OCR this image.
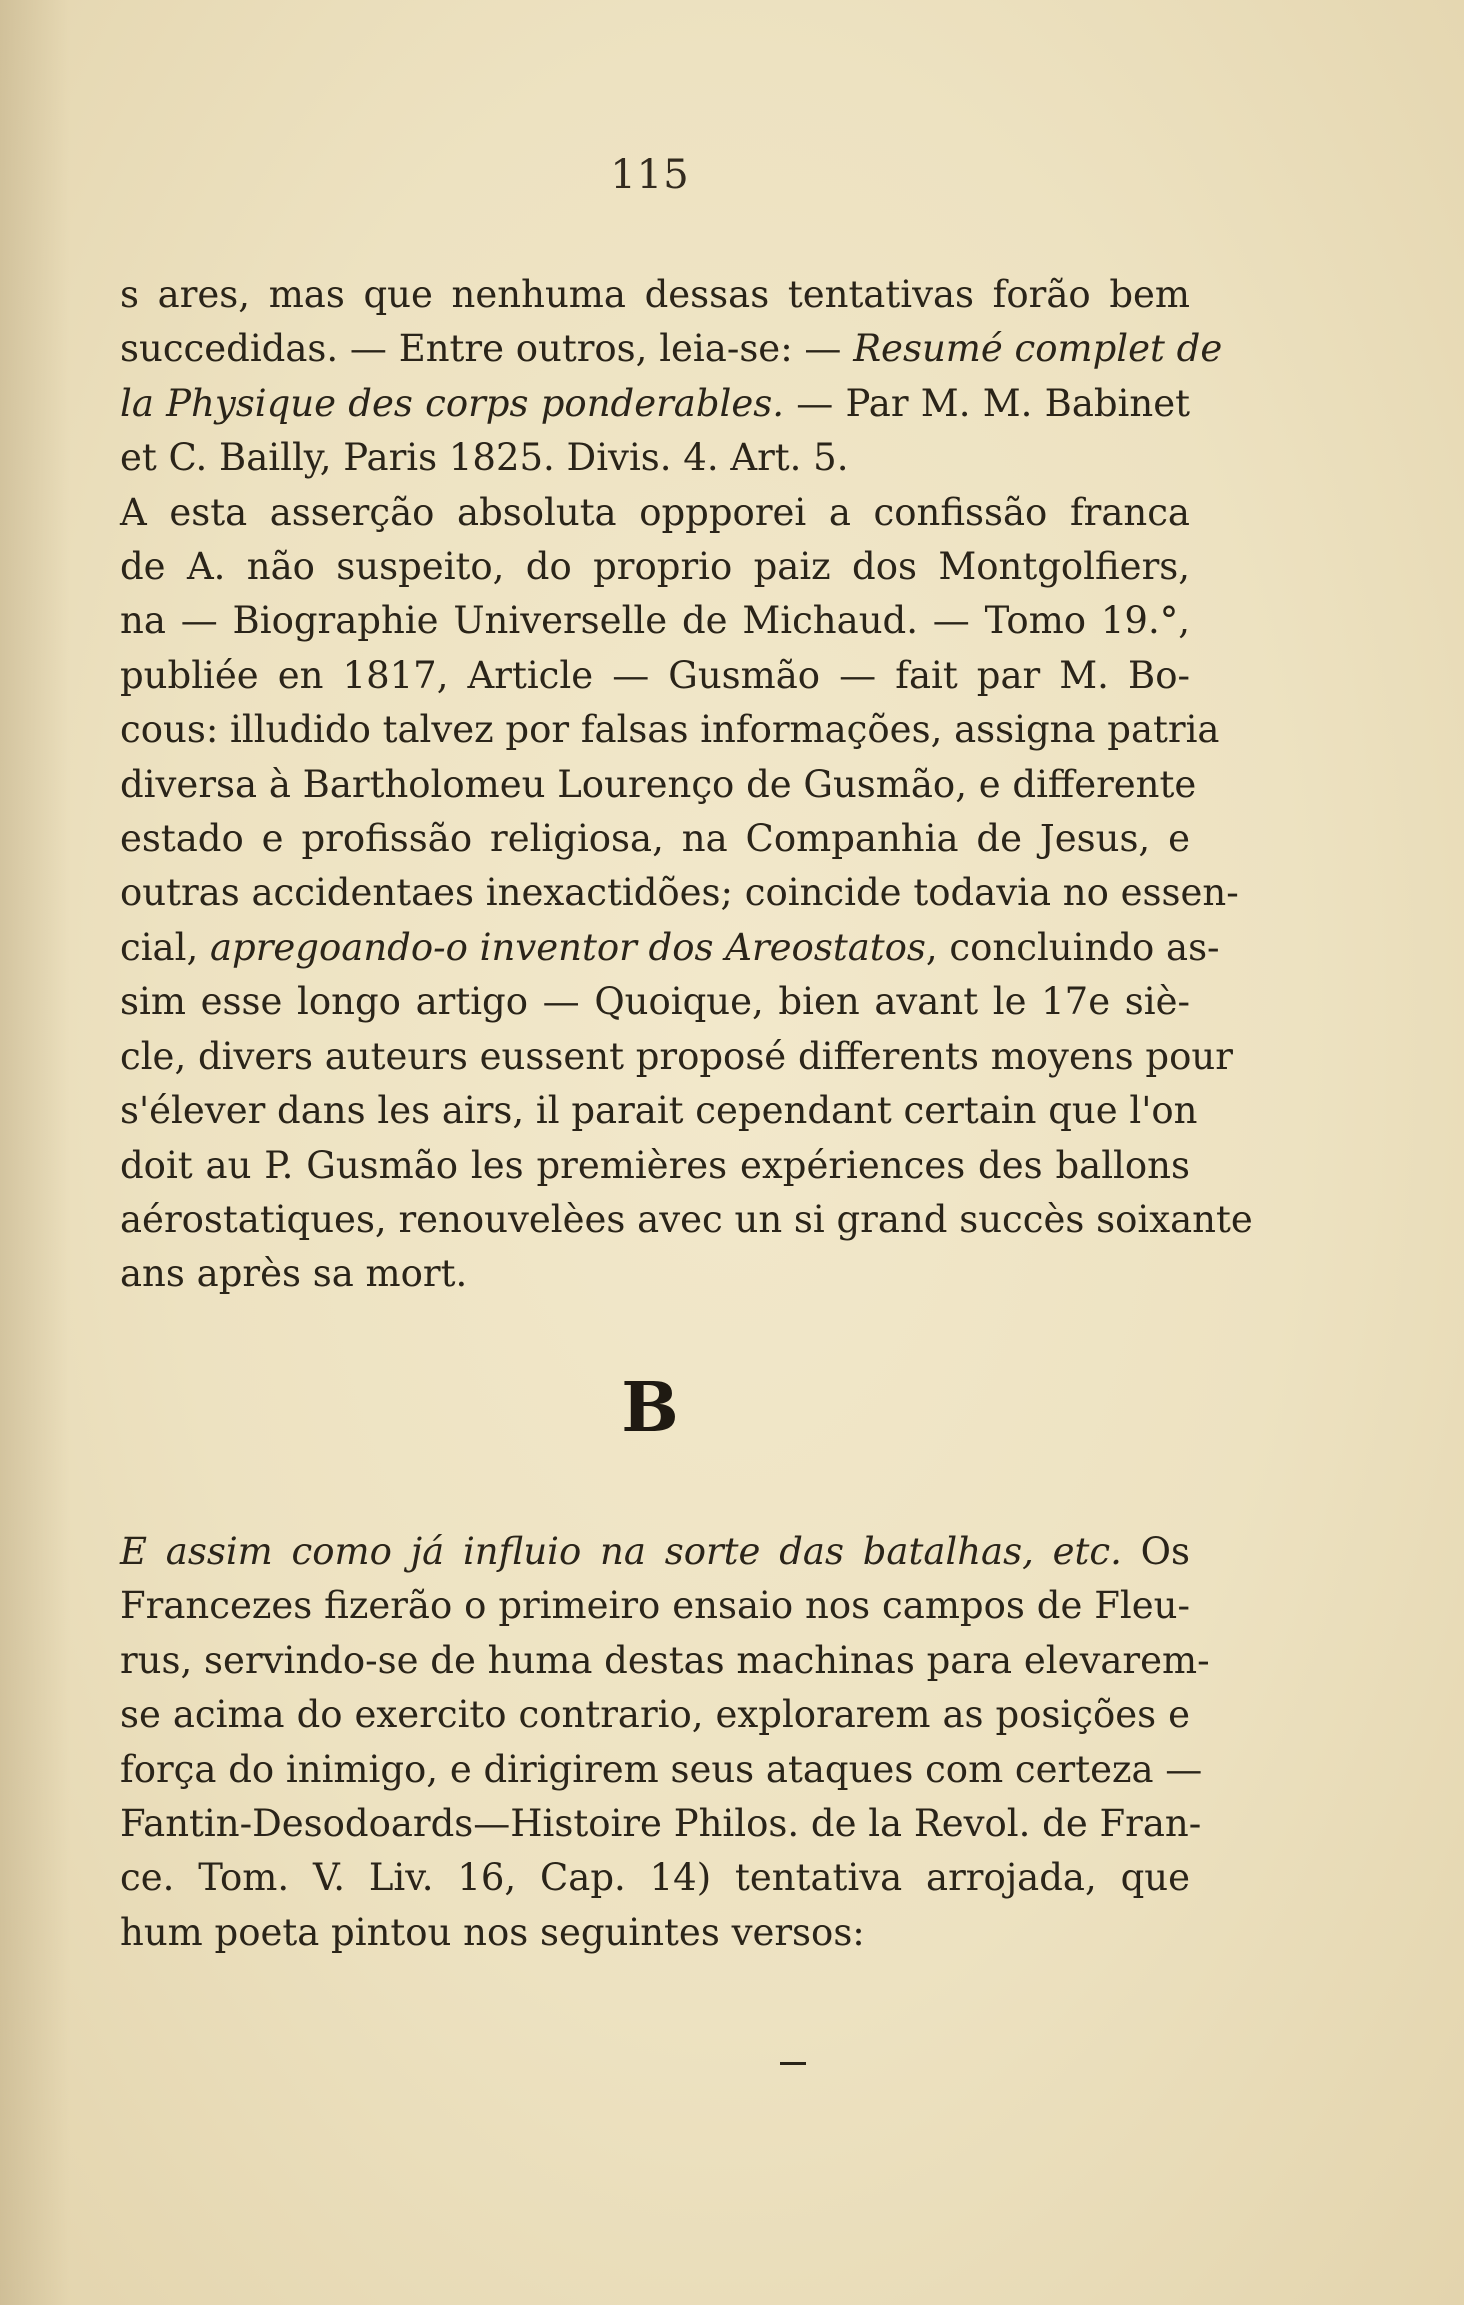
115
s ares, mas que nenhuma dessas tentativas forão bem
succedidas. — Entre outros, leia-se: — Resumé complet de
la Physique des corps ponderables. — Par M. M. Babinet
et C. Bailly, Paris 1825. Divis. 4. Art. 5.
A esta asserção absoluta oppporei a confissão franca
de A. não suspeito, do proprio paiz dos Montgolfiers,
na — Biographie Universelle de Michaud. — Tomo 19.°,
publiée en 1817, Article — Gusmão — fait par M. Bo-
cous: illudido talvez por falsas informações, assigna patria
diversa à Bartholomeu Lourenço de Gusmão, e differente
estado e profissão religiosa, na Companhia de Jesus, e
outras accidentaes inexactidões; coincide todavia no essen-
cial, apregoando-o inventor dos Areostatos, concluindo as-
sim esse longo artigo — Quoique, bien avant le 17e siè-
cle, divers auteurs eussent proposé differents moyens pour
s'élever dans les airs, il parait cependant certain que l'on
doit au P. Gusmão les premières expériences des ballons
aérostatiques, renouvelèes avec un si grand succès soixante
ans après sa mort.
B
E assim como já influio na sorte das batalhas, etc. Os
Francezes fizerão o primeiro ensaio nos campos de Fleu-
rus, servindo-se de huma destas machinas para elevarem-
se acima do exercito contrario, explorarem as posições e
força do inimigo, e dirigirem seus ataques com certeza —
Fantin-Desodoards—Histoire Philos. de la Revol. de Fran-
ce. Tom. V. Liv. 16, Cap. 14) tentativa arrojada, que
hum poeta pintou nos seguintes versos:
